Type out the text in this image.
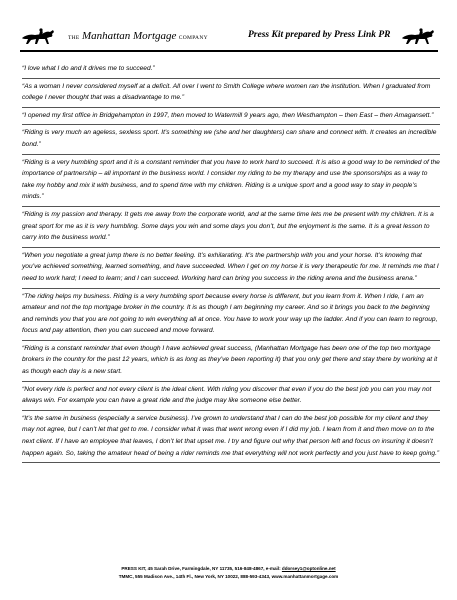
THE Manhattan Mortgage COMPANY	Press Kit prepared by Press Link PR

“I love what I do and it drives me to succeed.”

“As a woman I never considered myself at a deficit. All over I went to Smith College where women ran the institution. When I graduated from college I never thought that was a disadvantage to me.”

“I opened my first office in Bridgehampton in 1997, then moved to Watermill 9 years ago, then Westhampton – then East – then Amagansett.”

“Riding is very much an ageless, sexless sport. It’s something we (she and her daughters) can share and connect with. It creates an incredible bond.”

“Riding is a very humbling sport and it is a constant reminder that you have to work hard to succeed. It is also a good way to be reminded of the importance of partnership – all important in the business world. I consider my riding to be my therapy and use the sponsorships as a way to take my hobby and mix it with business, and to spend time with my children. Riding is a unique sport and a good way to stay in people’s minds.”

“Riding is my passion and therapy. It gets me away from the corporate world, and at the same time lets me be present with my children. It is a great sport for me as it is very humbling. Some days you win and some days you don’t, but the enjoyment is the same. It is a great lesson to carry into the business world.”

“When you negotiate a great jump there is no better feeling. It’s exhilarating. It’s the partnership with you and your horse. It’s knowing that you’ve achieved something, learned something, and have succeeded. When I get on my horse it is very therapeutic for me. It reminds me that I need to work hard; I need to learn; and I can succeed. Working hard can bring you success in the riding arena and the business arena.”

“The riding helps my business. Riding is a very humbling sport because every horse is different, but you learn from it. When I ride, I am an amateur and not the top mortgage broker in the country. It is as though I am beginning my career. And so it brings you back to the beginning and reminds you that you are not going to win everything all at once. You have to work your way up the ladder. And if you can learn to regroup, focus and pay attention, then you can succeed and move forward.

“Riding is a constant reminder that even though I have achieved great success, (Manhattan Mortgage has been one of the top two mortgage brokers in the country for the past 12 years, which is as long as they’ve been reporting it) that you only get there and stay there by working at it as though each day is a new start.

“Not every ride is perfect and not every client is the ideal client. With riding you discover that even if you do the best job you can you may not always win. For example you can have a great ride and the judge may like someone else better.

“It’s the same in business (especially a service business). I’ve grown to understand that I can do the best job possible for my client and they may not agree, but I can’t let that get to me. I consider what it was that went wrong even if I did my job. I learn from it and then move on to the next client. If I have an employee that leaves, I don’t let that upset me. I try and figure out why that person left and focus on insuring it doesn’t happen again. So, taking the amateur head of being a rider reminds me that everything will not work perfectly and you just have to keep going.”

PRESS KIT, 45 Sarah Drive, Farmingdale, NY 11735, 516-848-4867, e-mail: ddorsey1@optonline.net
TMMC, 555 Madison Ave., 14th Fl., New York, NY 10022, 888-593-4343, www.manhattanmortgage.com
